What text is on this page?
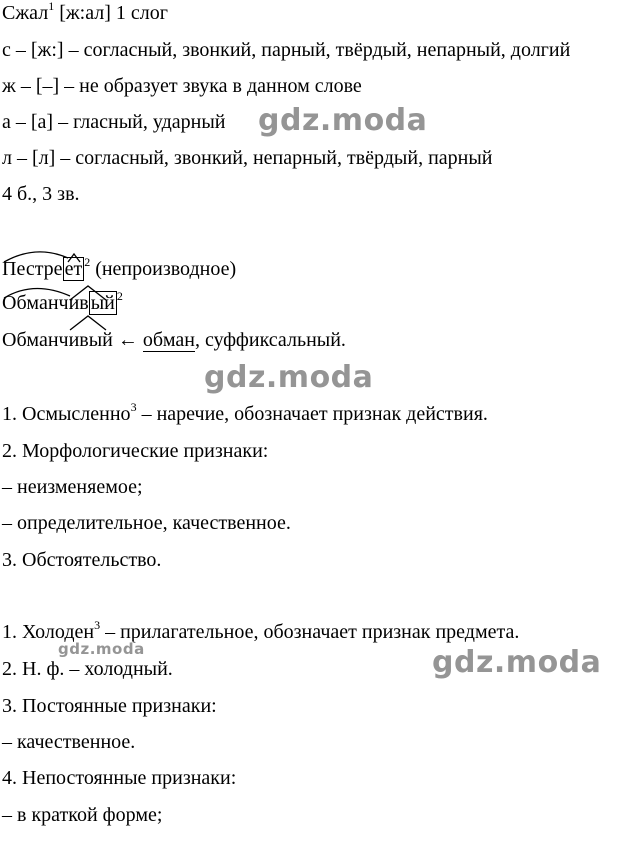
Сжал$^1$ [ж:ал] 1 слог
с – [ж:] – согласный, звонкий, парный, твёрдый, непарный, долгий
ж – [–] – не образует звука в данном слове
а – [а] – гласный, ударный
л – [л] – согласный, звонкий, непарный, твёрдый, парный
4 б., 3 зв.
Пестре ет $^2$ (непроизводное)
Обманчив ый $^2$
Обманчивый ← обман, суффиксальный.
1. Осмысленно$^3$ – наречие, обозначает признак действия.
2. Морфологические признаки:
– неизменяемое;
– определительное, качественное.
3. Обстоятельство.
1. Холоден$^3$ – прилагательное, обозначает признак предмета.
2. Н. ф. – холодный.
3. Постоянные признаки:
– качественное.
4. Непостоянные признаки:
– в краткой форме;
gdz.moda
gdz.moda
gdz.moda	gdz.moda
